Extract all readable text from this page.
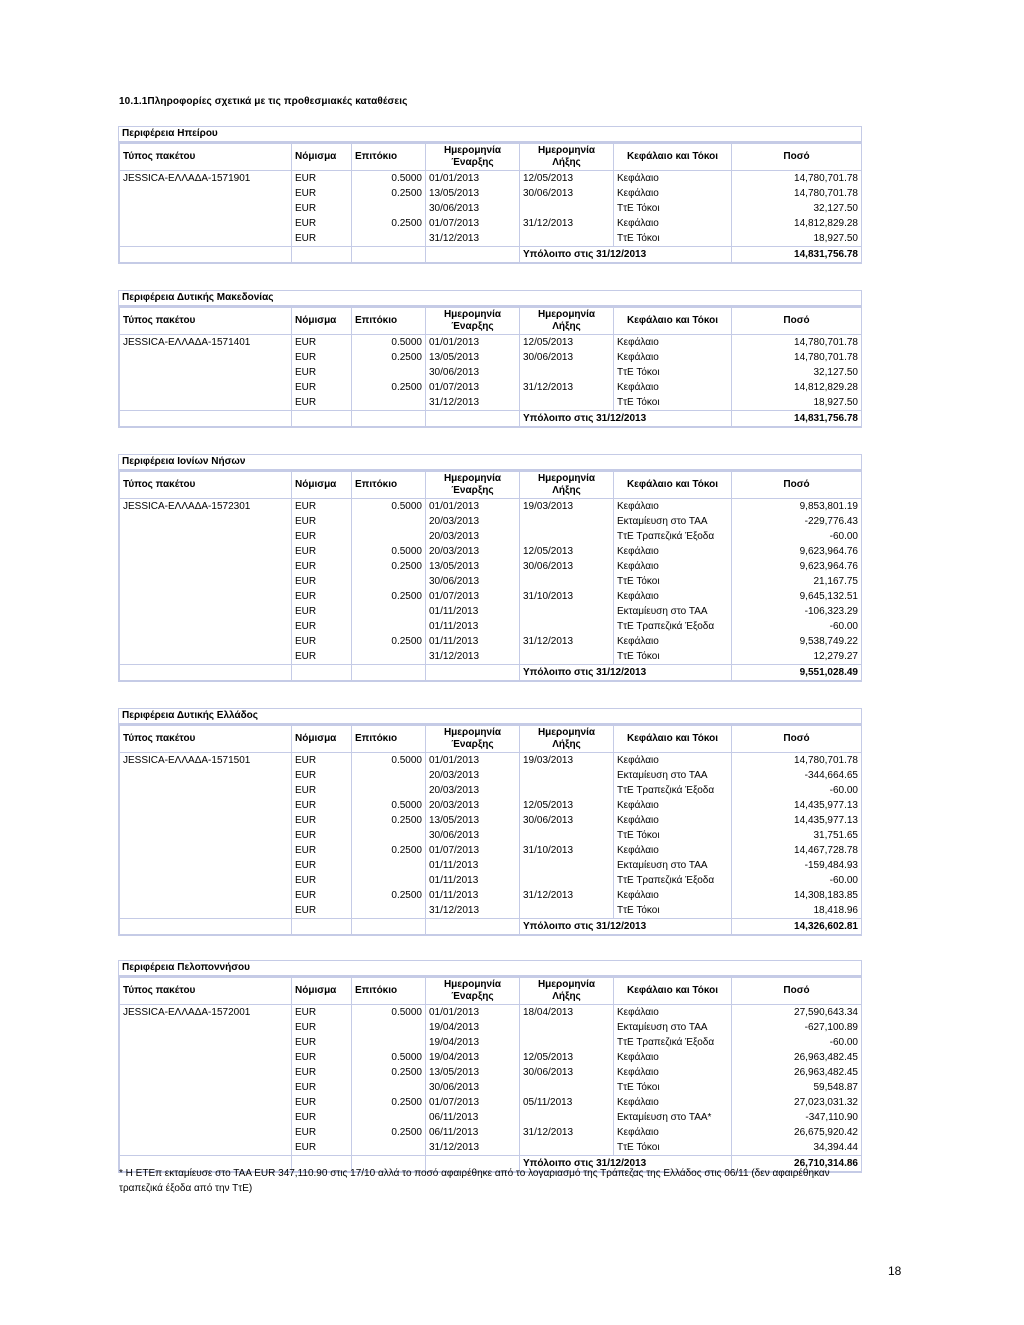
10.1.1Πληροφορίες σχετικά με τις προθεσμιακές καταθέσεις
Περιφέρεια Ηπείρου
Τύπος πακέτου	Νόμισμα	Επιτόκιο	Ημερομηνία Έναρξης	Ημερομηνία Λήξης	Κεφάλαιο και Τόκοι	Ποσό
JESSICA-ΕΛΛΑΔΑ-1571901	EUR	0.5000	01/01/2013	12/05/2013	Κεφάλαιο	14,780,701.78
	EUR	0.2500	13/05/2013	30/06/2013	Κεφάλαιο	14,780,701.78
	EUR		30/06/2013		ΤτΕ Τόκοι	32,127.50
	EUR	0.2500	01/07/2013	31/12/2013	Κεφάλαιο	14,812,829.28
	EUR		31/12/2013		ΤτΕ Τόκοι	18,927.50
				Υπόλοιπο στις 31/12/2013		14,831,756.78
Περιφέρεια Δυτικής Μακεδονίας
Τύπος πακέτου	Νόμισμα	Επιτόκιο	Ημερομηνία Έναρξης	Ημερομηνία Λήξης	Κεφάλαιο και Τόκοι	Ποσό
JESSICA-ΕΛΛΑΔΑ-1571401	EUR	0.5000	01/01/2013	12/05/2013	Κεφάλαιο	14,780,701.78
	EUR	0.2500	13/05/2013	30/06/2013	Κεφάλαιο	14,780,701.78
	EUR		30/06/2013		ΤτΕ Τόκοι	32,127.50
	EUR	0.2500	01/07/2013	31/12/2013	Κεφάλαιο	14,812,829.28
	EUR		31/12/2013		ΤτΕ Τόκοι	18,927.50
				Υπόλοιπο στις 31/12/2013		14,831,756.78
Περιφέρεια Ιονίων Νήσων
Τύπος πακέτου	Νόμισμα	Επιτόκιο	Ημερομηνία Έναρξης	Ημερομηνία Λήξης	Κεφάλαιο και Τόκοι	Ποσό
JESSICA-ΕΛΛΑΔΑ-1572301	EUR	0.5000	01/01/2013	19/03/2013	Κεφάλαιο	9,853,801.19
	EUR		20/03/2013		Εκταμίευση στο ΤΑΑ	-229,776.43
	EUR		20/03/2013		ΤτΕ Τραπεζικά Έξοδα	-60.00
	EUR	0.5000	20/03/2013	12/05/2013	Κεφάλαιο	9,623,964.76
	EUR	0.2500	13/05/2013	30/06/2013	Κεφάλαιο	9,623,964.76
	EUR		30/06/2013		ΤτΕ Τόκοι	21,167.75
	EUR	0.2500	01/07/2013	31/10/2013	Κεφάλαιο	9,645,132.51
	EUR		01/11/2013		Εκταμίευση στο ΤΑΑ	-106,323.29
	EUR		01/11/2013		ΤτΕ Τραπεζικά Έξοδα	-60.00
	EUR	0.2500	01/11/2013	31/12/2013	Κεφάλαιο	9,538,749.22
	EUR		31/12/2013		ΤτΕ Τόκοι	12,279.27
				Υπόλοιπο στις 31/12/2013		9,551,028.49
Περιφέρεια Δυτικής Ελλάδος
Τύπος πακέτου	Νόμισμα	Επιτόκιο	Ημερομηνία Έναρξης	Ημερομηνία Λήξης	Κεφάλαιο και Τόκοι	Ποσό
JESSICA-ΕΛΛΑΔΑ-1571501	EUR	0.5000	01/01/2013	19/03/2013	Κεφάλαιο	14,780,701.78
	EUR		20/03/2013		Εκταμίευση στο ΤΑΑ	-344,664.65
	EUR		20/03/2013		ΤτΕ Τραπεζικά Έξοδα	-60.00
	EUR	0.5000	20/03/2013	12/05/2013	Κεφάλαιο	14,435,977.13
	EUR	0.2500	13/05/2013	30/06/2013	Κεφάλαιο	14,435,977.13
	EUR		30/06/2013		ΤτΕ Τόκοι	31,751.65
	EUR	0.2500	01/07/2013	31/10/2013	Κεφάλαιο	14,467,728.78
	EUR		01/11/2013		Εκταμίευση στο ΤΑΑ	-159,484.93
	EUR		01/11/2013		ΤτΕ Τραπεζικά Έξοδα	-60.00
	EUR	0.2500	01/11/2013	31/12/2013	Κεφάλαιο	14,308,183.85
	EUR		31/12/2013		ΤτΕ Τόκοι	18,418.96
				Υπόλοιπο στις 31/12/2013		14,326,602.81
Περιφέρεια Πελοποννήσου
Τύπος πακέτου	Νόμισμα	Επιτόκιο	Ημερομηνία Έναρξης	Ημερομηνία Λήξης	Κεφάλαιο και Τόκοι	Ποσό
JESSICA-ΕΛΛΑΔΑ-1572001	EUR	0.5000	01/01/2013	18/04/2013	Κεφάλαιο	27,590,643.34
	EUR		19/04/2013		Εκταμίευση στο ΤΑΑ	-627,100.89
	EUR		19/04/2013		ΤτΕ Τραπεζικά Έξοδα	-60.00
	EUR	0.5000	19/04/2013	12/05/2013	Κεφάλαιο	26,963,482.45
	EUR	0.2500	13/05/2013	30/06/2013	Κεφάλαιο	26,963,482.45
	EUR		30/06/2013		ΤτΕ Τόκοι	59,548.87
	EUR	0.2500	01/07/2013	05/11/2013	Κεφάλαιο	27,023,031.32
	EUR		06/11/2013		Εκταμίευση στο ΤΑΑ*	-347,110.90
	EUR	0.2500	06/11/2013	31/12/2013	Κεφάλαιο	26,675,920.42
	EUR		31/12/2013		ΤτΕ Τόκοι	34,394.44
				Υπόλοιπο στις 31/12/2013		26,710,314.86
* Η ΕΤΕπ εκταμίευσε στο ΤΑΑ EUR 347,110.90 στις 17/10 αλλά το ποσό αφαιρέθηκε από το λογαριασμό της Τράπεζας της Ελλάδος στις 06/11 (δεν αφαιρέθηκαν τραπεζικά έξοδα από την ΤτΕ)
18
